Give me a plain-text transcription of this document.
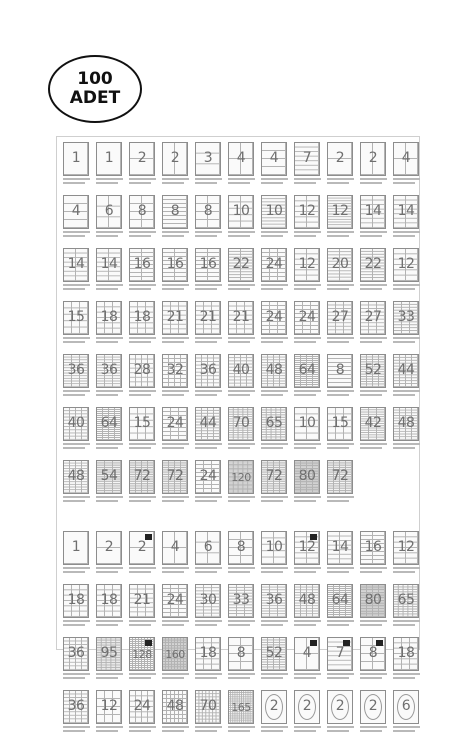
100
ADET
1	1	2	2	3	4	4	7	2	2	4
4	6	8	8	8	10 10 12 12 14 14
14 14 16 16 16 22 24 12 20 22 12
15 18 18 21 21 21 24 24 27 27 33
36 36 28 32 36 40 48 64	8	52 44
40 64 15 24 44 70 65 10 15 42 48
48 54 72 72 24	120 72 80 72
1	2	2	4	6	8	10 12 14 16 12
18 18 21 24 30 33 36 48 64 80 65
36 95	128 160 18	8	52	4	7	8	18
36 12 24 48 70	165	2	2	2	2	6
